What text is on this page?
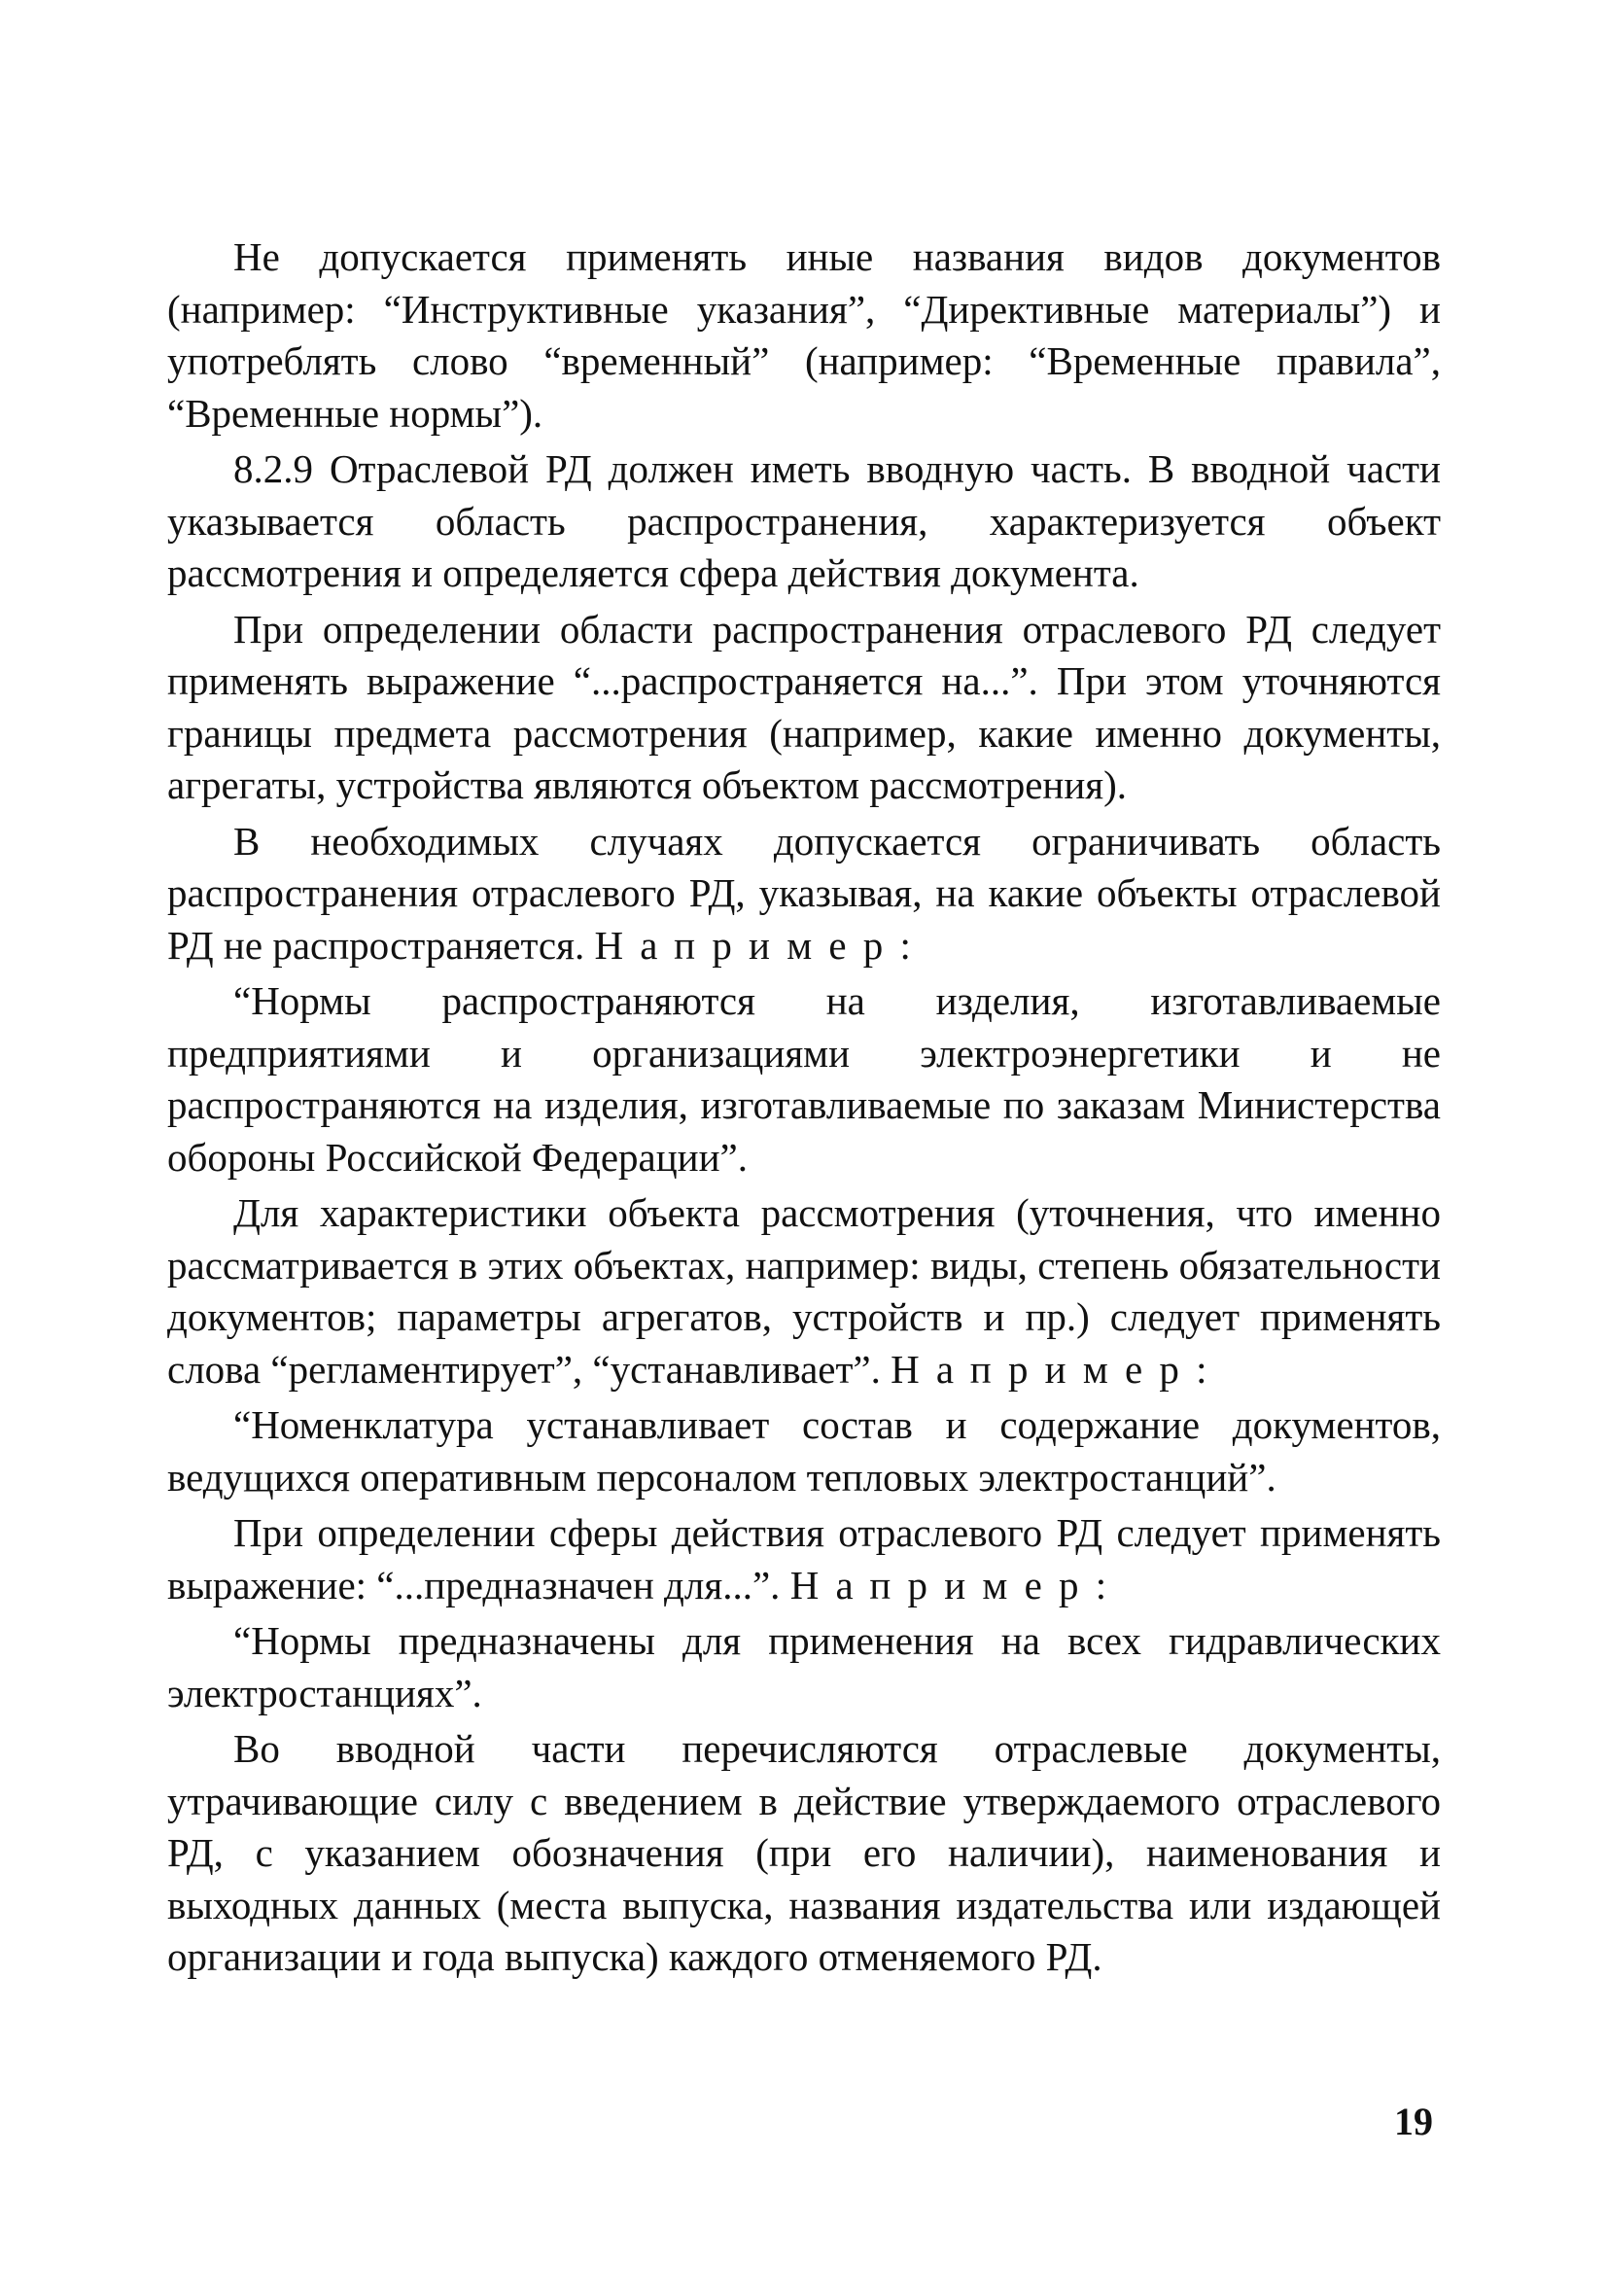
Не допускается применять иные названия видов документов (например: “Инструктивные указания”, “Директивные материалы”) и употреблять слово “временный” (например: “Временные правила”, “Временные нормы”).

8.2.9 Отраслевой РД должен иметь вводную часть. В вводной части указывается область распространения, характеризуется объект рассмотрения и определяется сфера действия документа.

При определении области распространения отраслевого РД следует применять выражение “...распространяется на...”. При этом уточняются границы предмета рассмотрения (например, какие именно документы, агрегаты, устройства являются объектом рассмотрения).

В необходимых случаях допускается ограничивать область распространения отраслевого РД, указывая, на какие объекты отраслевой РД не распространяется. Например:

“Нормы распространяются на изделия, изготавливаемые предприятиями и организациями электроэнергетики и не распространяются на изделия, изготавливаемые по заказам Министерства обороны Российской Федерации”.

Для характеристики объекта рассмотрения (уточнения, что именно рассматривается в этих объектах, например: виды, степень обязательности документов; параметры агрегатов, устройств и пр.) следует применять слова “регламентирует”, “устанавливает”. Например:

“Номенклатура устанавливает состав и содержание документов, ведущихся оперативным персоналом тепловых электростанций”.

При определении сферы действия отраслевого РД следует применять выражение: “...предназначен для...”. Например:

“Нормы предназначены для применения на всех гидравлических электростанциях”.

Во вводной части перечисляются отраслевые документы, утрачивающие силу с введением в действие утверждаемого отраслевого РД, с указанием обозначения (при его наличии), наименования и выходных данных (места выпуска, названия издательства или издающей организации и года выпуска) каждого отменяемого РД.

19
